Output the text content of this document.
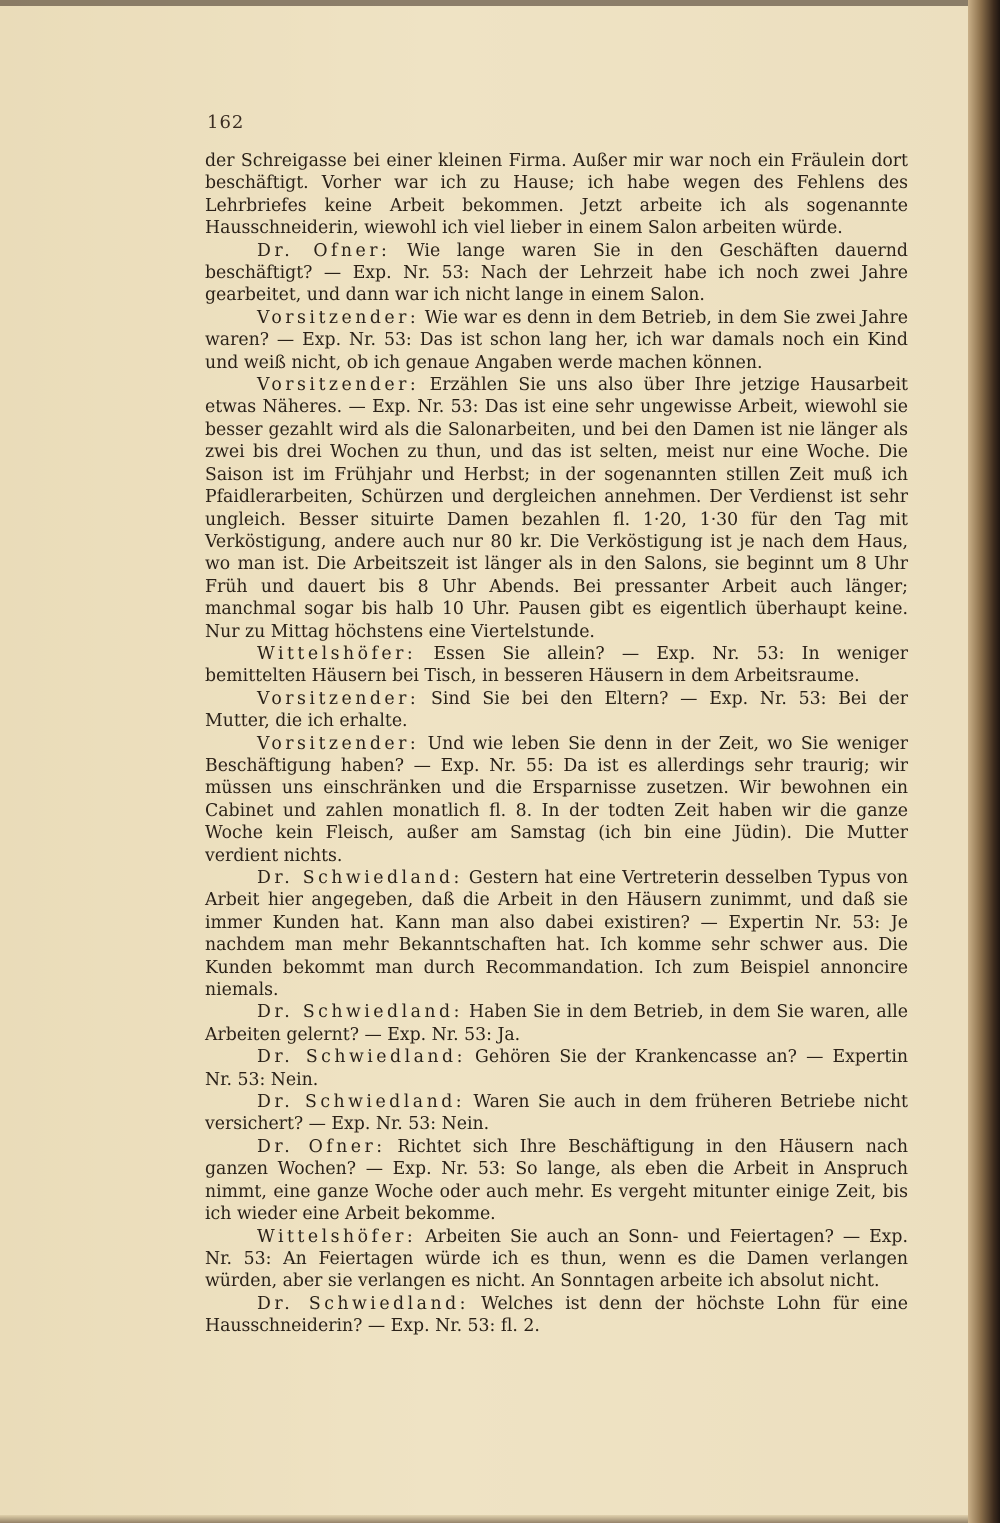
162

der Schreigasse bei einer kleinen Firma. Außer mir war noch ein Fräulein dort beschäftigt. Vorher war ich zu Hause; ich habe wegen des Fehlens des Lehrbriefes keine Arbeit bekommen. Jetzt arbeite ich als sogenannte Hausschneiderin, wiewohl ich viel lieber in einem Salon arbeiten würde.

Dr. Ofner: Wie lange waren Sie in den Geschäften dauernd beschäftigt? — Exp. Nr. 53: Nach der Lehrzeit habe ich noch zwei Jahre gearbeitet, und dann war ich nicht lange in einem Salon.

Vorsitzender: Wie war es denn in dem Betrieb, in dem Sie zwei Jahre waren? — Exp. Nr. 53: Das ist schon lang her, ich war damals noch ein Kind und weiß nicht, ob ich genaue Angaben werde machen können.

Vorsitzender: Erzählen Sie uns also über Ihre jetzige Hausarbeit etwas Näheres. — Exp. Nr. 53: Das ist eine sehr ungewisse Arbeit, wiewohl sie besser gezahlt wird als die Salonarbeiten, und bei den Damen ist nie länger als zwei bis drei Wochen zu thun, und das ist selten, meist nur eine Woche. Die Saison ist im Frühjahr und Herbst; in der sogenannten stillen Zeit muß ich Pfaidlerarbeiten, Schürzen und dergleichen annehmen. Der Verdienst ist sehr ungleich. Besser situirte Damen bezahlen fl. 1·20, 1·30 für den Tag mit Verköstigung, andere auch nur 80 kr. Die Verköstigung ist je nach dem Haus, wo man ist. Die Arbeitszeit ist länger als in den Salons, sie beginnt um 8 Uhr Früh und dauert bis 8 Uhr Abends. Bei pressanter Arbeit auch länger; manchmal sogar bis halb 10 Uhr. Pausen gibt es eigentlich überhaupt keine. Nur zu Mittag höchstens eine Viertelstunde.

Wittelshöfer: Essen Sie allein? — Exp. Nr. 53: In weniger bemittelten Häusern bei Tisch, in besseren Häusern in dem Arbeitsraume.

Vorsitzender: Sind Sie bei den Eltern? — Exp. Nr. 53: Bei der Mutter, die ich erhalte.

Vorsitzender: Und wie leben Sie denn in der Zeit, wo Sie weniger Beschäftigung haben? — Exp. Nr. 55: Da ist es allerdings sehr traurig; wir müssen uns einschränken und die Ersparnisse zusetzen. Wir bewohnen ein Cabinet und zahlen monatlich fl. 8. In der todten Zeit haben wir die ganze Woche kein Fleisch, außer am Samstag (ich bin eine Jüdin). Die Mutter verdient nichts.

Dr. Schwiedland: Gestern hat eine Vertreterin desselben Typus von Arbeit hier angegeben, daß die Arbeit in den Häusern zunimmt, und daß sie immer Kunden hat. Kann man also dabei existiren? — Expertin Nr. 53: Je nachdem man mehr Bekanntschaften hat. Ich komme sehr schwer aus. Die Kunden bekommt man durch Recommandation. Ich zum Beispiel annoncire niemals.

Dr. Schwiedland: Haben Sie in dem Betrieb, in dem Sie waren, alle Arbeiten gelernt? — Exp. Nr. 53: Ja.

Dr. Schwiedland: Gehören Sie der Krankencasse an? — Expertin Nr. 53: Nein.

Dr. Schwiedland: Waren Sie auch in dem früheren Betriebe nicht versichert? — Exp. Nr. 53: Nein.

Dr. Ofner: Richtet sich Ihre Beschäftigung in den Häusern nach ganzen Wochen? — Exp. Nr. 53: So lange, als eben die Arbeit in Anspruch nimmt, eine ganze Woche oder auch mehr. Es vergeht mitunter einige Zeit, bis ich wieder eine Arbeit bekomme.

Wittelshöfer: Arbeiten Sie auch an Sonn- und Feiertagen? — Exp. Nr. 53: An Feiertagen würde ich es thun, wenn es die Damen verlangen würden, aber sie verlangen es nicht. An Sonntagen arbeite ich absolut nicht.

Dr. Schwiedland: Welches ist denn der höchste Lohn für eine Hausschneiderin? — Exp. Nr. 53: fl. 2.
